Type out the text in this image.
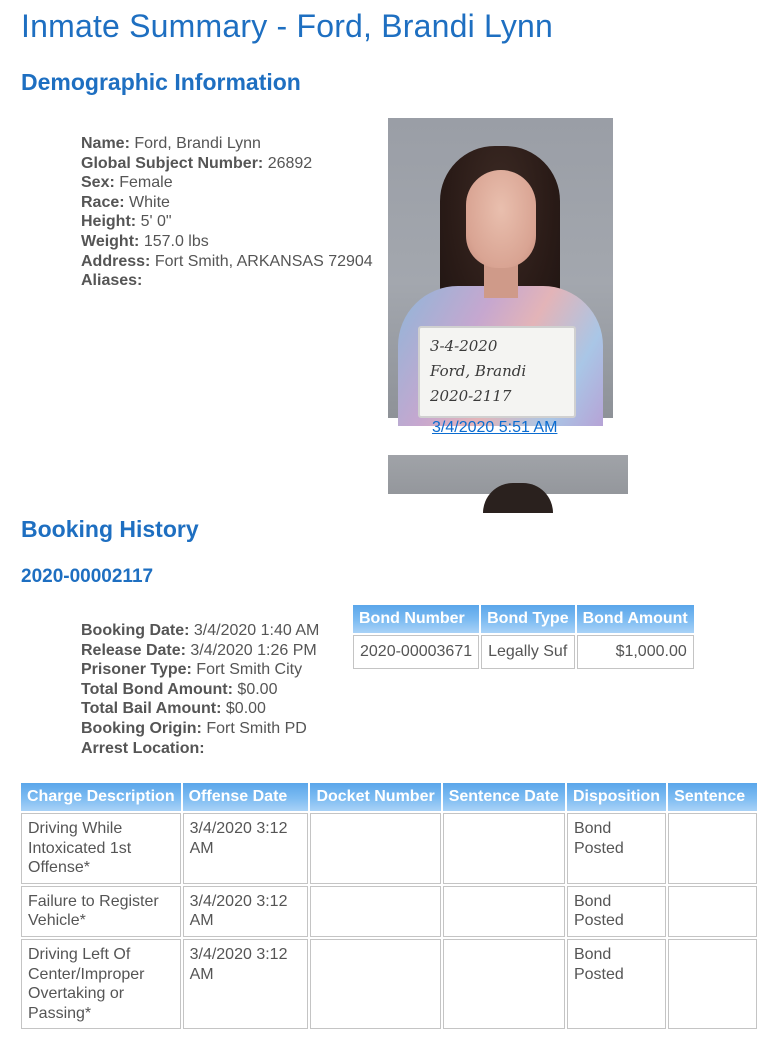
Inmate Summary - Ford, Brandi Lynn
Demographic Information
Name: Ford, Brandi Lynn
Global Subject Number: 26892
Sex: Female
Race: White
Height: 5' 0"
Weight: 157.0 lbs
Address: Fort Smith, ARKANSAS 72904
Aliases:
3-4-2020
Ford, Brandi
2020-2117
3/4/2020 5:51 AM
Booking History
2020-00002117
Booking Date: 3/4/2020 1:40 AM
Release Date: 3/4/2020 1:26 PM
Prisoner Type: Fort Smith City
Total Bond Amount: $0.00
Total Bail Amount: $0.00
Booking Origin: Fort Smith PD
Arrest Location:
Bond Number	Bond Type	Bond Amount
2020-00003671	Legally Suf	$1,000.00
Charge Description	Offense Date	Docket Number	Sentence Date	Disposition	Sentence
Driving While Intoxicated 1st Offense*	3/4/2020 3:12 AM			Bond Posted	
Failure to Register Vehicle*	3/4/2020 3:12 AM			Bond Posted	
Driving Left Of Center/Improper Overtaking or Passing*	3/4/2020 3:12 AM			Bond Posted	
